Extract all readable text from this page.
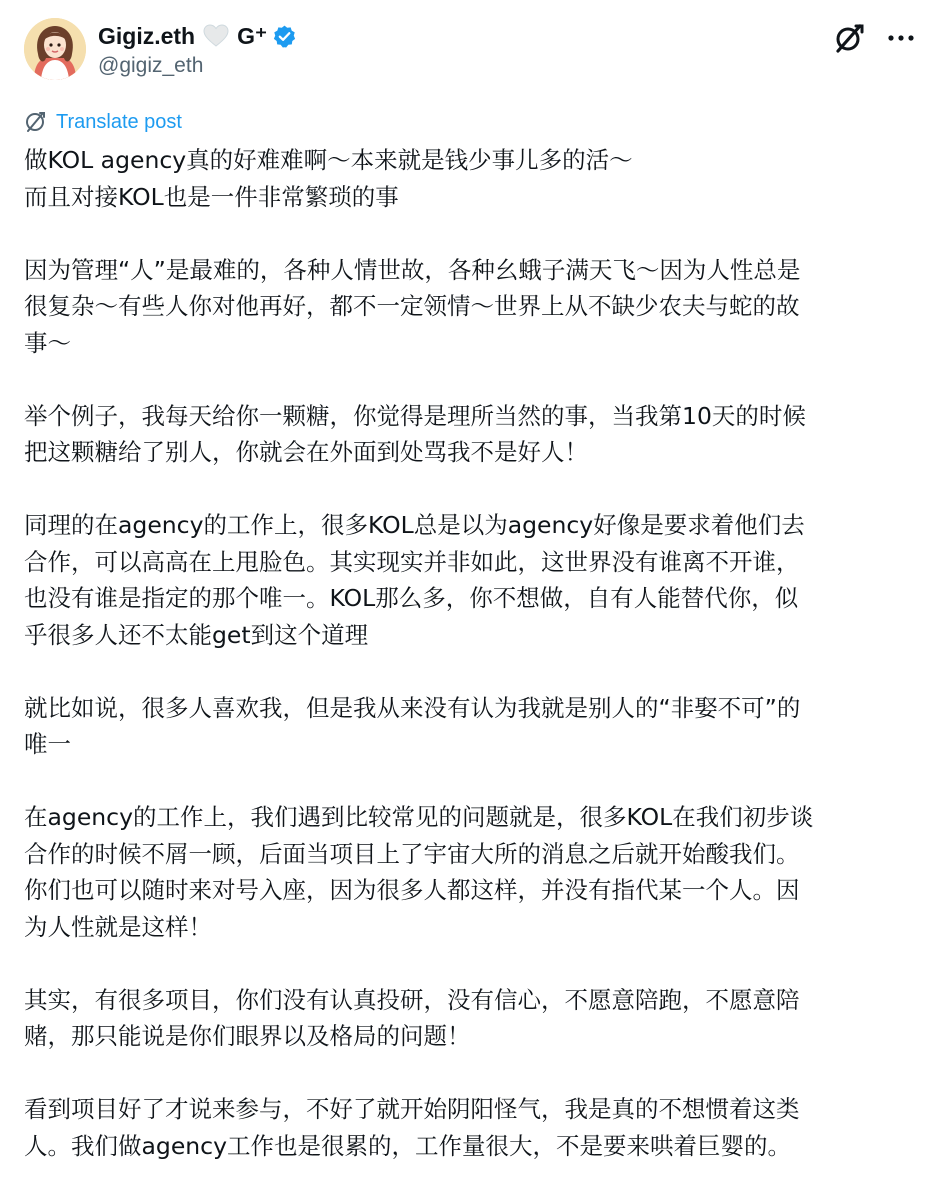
Gigiz.eth G⁺
@gigiz_eth
Translate post

做KOL agency真的好难难啊～本来就是钱少事儿多的活～
而且对接KOL也是一件非常繁琐的事

因为管理“人”是最难的，各种人情世故，各种幺蛾子满天飞～因为人性总是
很复杂～有些人你对他再好，都不一定领情～世界上从不缺少农夫与蛇的故
事～

举个例子，我每天给你一颗糖，你觉得是理所当然的事，当我第10天的时候
把这颗糖给了别人，你就会在外面到处骂我不是好人！

同理的在agency的工作上，很多KOL总是以为agency好像是要求着他们去
合作，可以高高在上甩脸色。其实现实并非如此，这世界没有谁离不开谁，
也没有谁是指定的那个唯一。KOL那么多，你不想做，自有人能替代你，似
乎很多人还不太能get到这个道理

就比如说，很多人喜欢我，但是我从来没有认为我就是别人的“非娶不可”的
唯一

在agency的工作上，我们遇到比较常见的问题就是，很多KOL在我们初步谈
合作的时候不屑一顾，后面当项目上了宇宙大所的消息之后就开始酸我们。
你们也可以随时来对号入座，因为很多人都这样，并没有指代某一个人。因
为人性就是这样！

其实，有很多项目，你们没有认真投研，没有信心，不愿意陪跑，不愿意陪
赌，那只能说是你们眼界以及格局的问题！

看到项目好了才说来参与，不好了就开始阴阳怪气，我是真的不想惯着这类
人。我们做agency工作也是很累的，工作量很大，不是要来哄着巨婴的。
